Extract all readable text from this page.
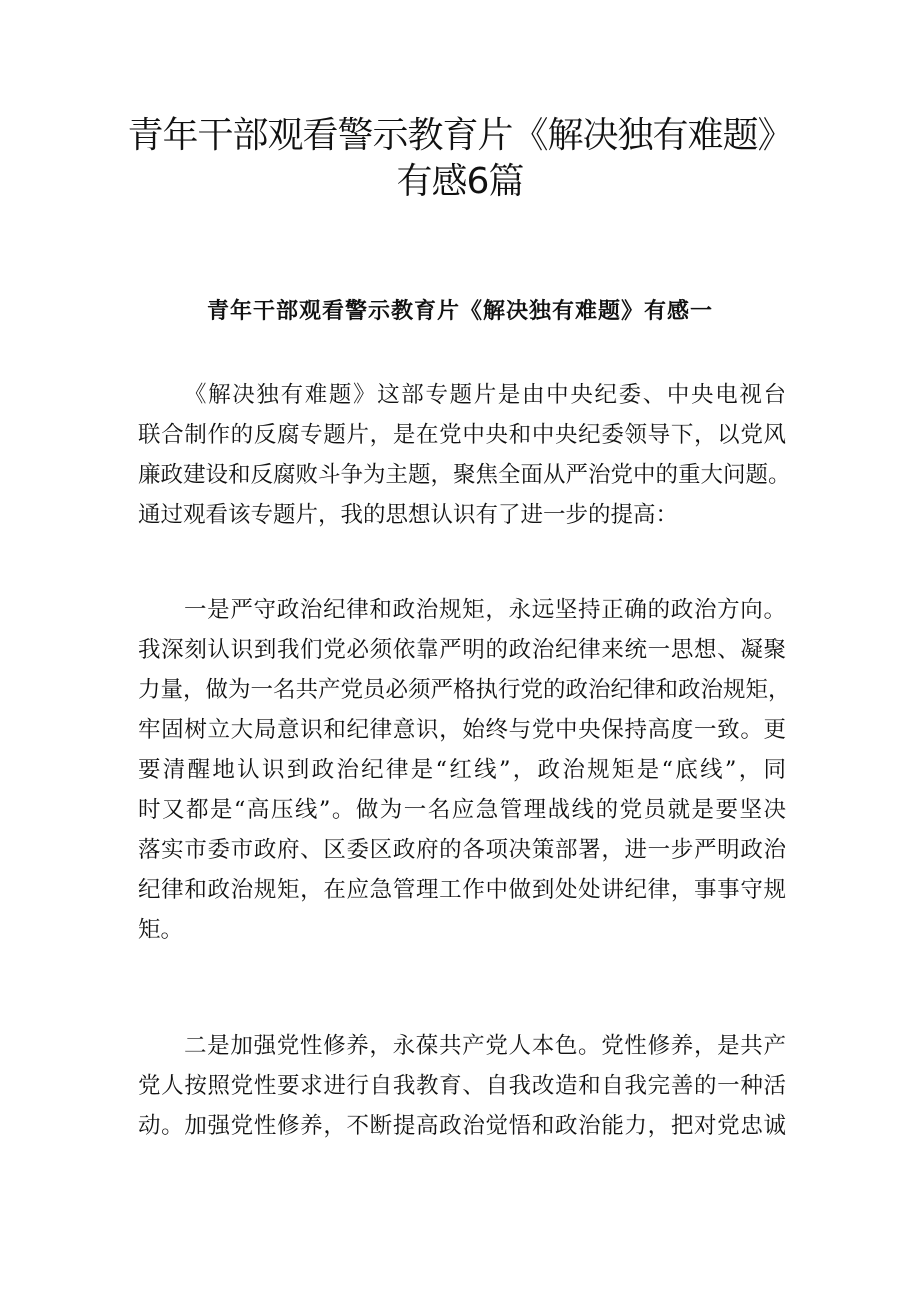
青年干部观看警示教育片《解决独有难题》
有感6篇
青年干部观看警示教育片《解决独有难题》有感一

《解决独有难题》这部专题片是由中央纪委、中央电视台
联合制作的反腐专题片，是在党中央和中央纪委领导下，以党风
廉政建设和反腐败斗争为主题，聚焦全面从严治党中的重大问题。
通过观看该专题片，我的思想认识有了进一步的提高：

一是严守政治纪律和政治规矩，永远坚持正确的政治方向。
我深刻认识到我们党必须依靠严明的政治纪律来统一思想、凝聚
力量，做为一名共产党员必须严格执行党的政治纪律和政治规矩，
牢固树立大局意识和纪律意识，始终与党中央保持高度一致。更
要清醒地认识到政治纪律是“红线”，政治规矩是“底线”，同
时又都是“高压线”。做为一名应急管理战线的党员就是要坚决
落实市委市政府、区委区政府的各项决策部署，进一步严明政治
纪律和政治规矩，在应急管理工作中做到处处讲纪律，事事守规
矩。

二是加强党性修养，永葆共产党人本色。党性修养，是共产
党人按照党性要求进行自我教育、自我改造和自我完善的一种活
动。加强党性修养，不断提高政治觉悟和政治能力，把对党忠诚
